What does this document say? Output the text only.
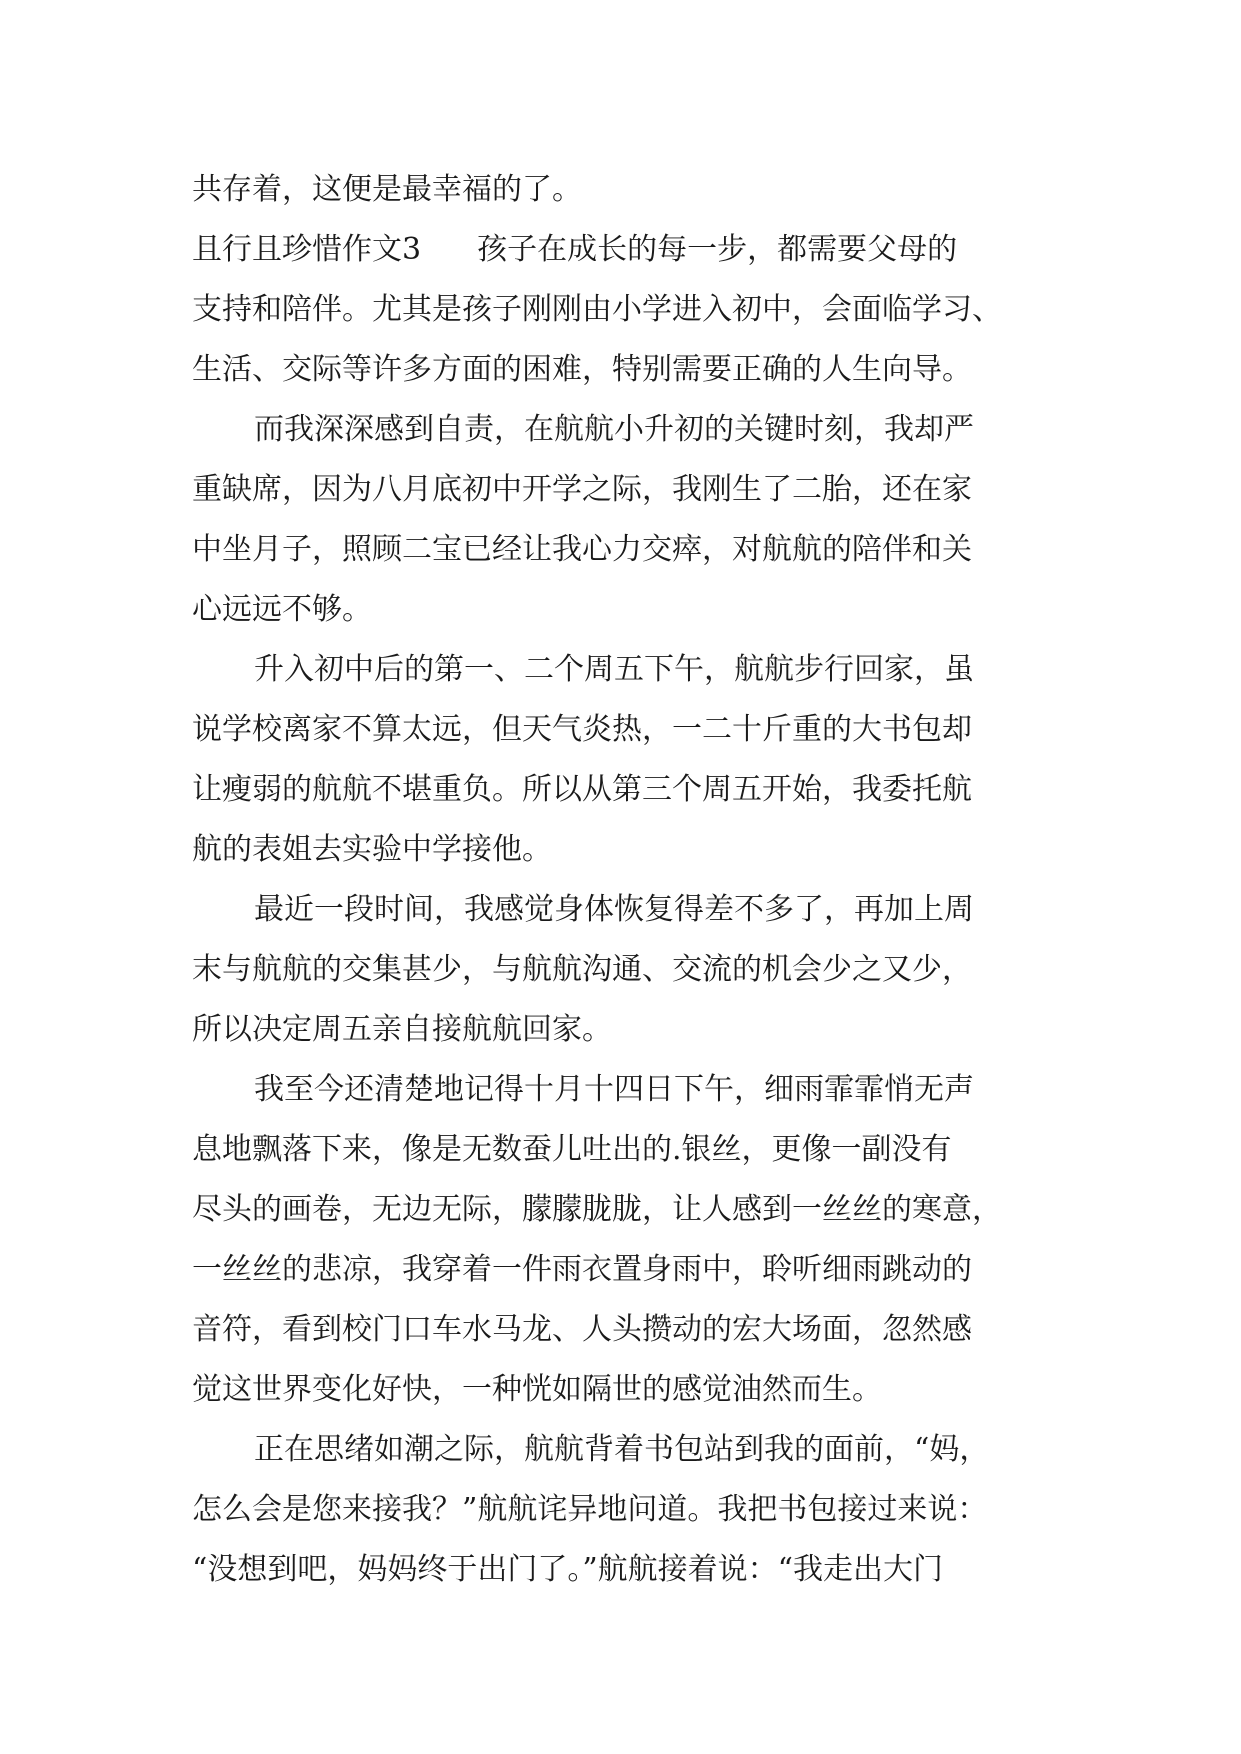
共存着，这便是最幸福的了。
且行且珍惜作文3 孩子在成长的每一步，都需要父母的
支持和陪伴。尤其是孩子刚刚由小学进入初中，会面临学习、
生活、交际等许多方面的困难，特别需要正确的人生向导。
而我深深感到自责，在航航小升初的关键时刻，我却严
重缺席，因为八月底初中开学之际，我刚生了二胎，还在家
中坐月子，照顾二宝已经让我心力交瘁，对航航的陪伴和关
心远远不够。
升入初中后的第一、二个周五下午，航航步行回家，虽
说学校离家不算太远，但天气炎热，一二十斤重的大书包却
让瘦弱的航航不堪重负。所以从第三个周五开始，我委托航
航的表姐去实验中学接他。
最近一段时间，我感觉身体恢复得差不多了，再加上周
末与航航的交集甚少，与航航沟通、交流的机会少之又少，
所以决定周五亲自接航航回家。
我至今还清楚地记得十月十四日下午，细雨霏霏悄无声
息地飘落下来，像是无数蚕儿吐出的.银丝，更像一副没有
尽头的画卷，无边无际，朦朦胧胧，让人感到一丝丝的寒意，
一丝丝的悲凉，我穿着一件雨衣置身雨中，聆听细雨跳动的
音符，看到校门口车水马龙、人头攒动的宏大场面，忽然感
觉这世界变化好快，一种恍如隔世的感觉油然而生。
正在思绪如潮之际，航航背着书包站到我的面前，“妈，
怎么会是您来接我？”航航诧异地问道。我把书包接过来说：
“没想到吧，妈妈终于出门了。”航航接着说：“我走出大门
